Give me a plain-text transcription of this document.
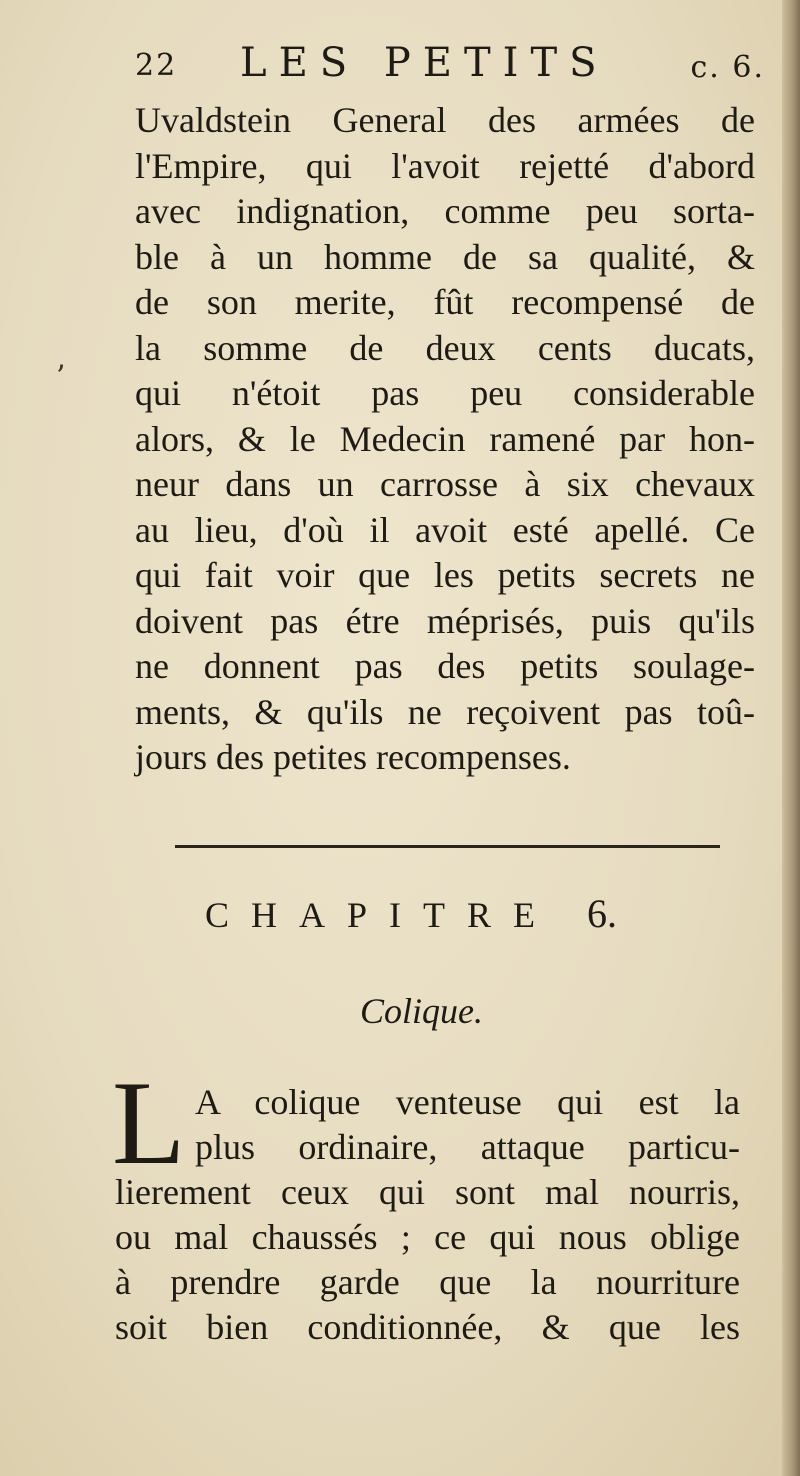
22 LES PETITS	c. 6.
Uvaldstein General des armées de
l'Empire, qui l'avoit rejetté d'abord
avec indignation, comme peu sorta-
ble à un homme de sa qualité, &
de son merite, fût recompensé de
la somme de deux cents ducats,
qui n'étoit pas peu considerable
alors, & le Medecin ramené par hon-
neur dans un carrosse à six chevaux
au lieu, d'où il avoit esté apellé. Ce
qui fait voir que les petits secrets ne
doivent pas étre méprisés, puis qu'ils
ne donnent pas des petits soulage-
ments, & qu'ils ne reçoivent pas toû-
jours des petites recompenses.
ʼ
CHAPITRE 6.
Colique.
L A colique venteuse qui est la
plus ordinaire, attaque particu-
lierement ceux qui sont mal nourris,
ou mal chaussés ; ce qui nous oblige
à prendre garde que la nourriture
soit bien conditionnée, & que les
